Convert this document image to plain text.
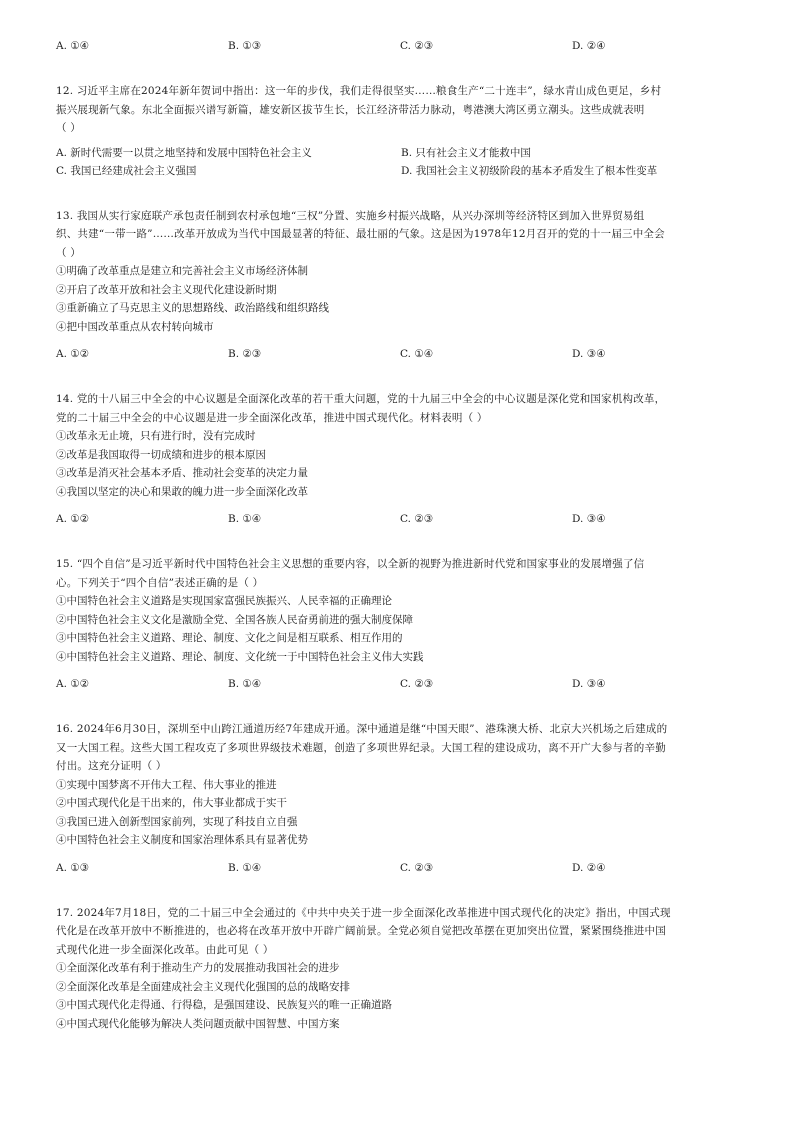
A. ①④	B. ①③	C. ②③	D. ②④
12. 习近平主席在2024年新年贺词中指出：这一年的步伐，我们走得很坚实……粮食生产“二十连丰”，绿水青山成色更足，乡村
振兴展现新气象。东北全面振兴谱写新篇，雄安新区拔节生长，长江经济带活力脉动，粤港澳大湾区勇立潮头。这些成就表明
（ ）
A. 新时代需要一以贯之地坚持和发展中国特色社会主义	B. 只有社会主义才能救中国
C. 我国已经建成社会主义强国	D. 我国社会主义初级阶段的基本矛盾发生了根本性变革
13. 我国从实行家庭联产承包责任制到农村承包地“三权”分置、实施乡村振兴战略，从兴办深圳等经济特区到加入世界贸易组
织、共建“一带一路”……改革开放成为当代中国最显著的特征、最壮丽的气象。这是因为1978年12月召开的党的十一届三中全会
（ ）
①明确了改革重点是建立和完善社会主义市场经济体制
②开启了改革开放和社会主义现代化建设新时期
③重新确立了马克思主义的思想路线、政治路线和组织路线
④把中国改革重点从农村转向城市
A. ①②	B. ②③	C. ①④	D. ③④
14. 党的十八届三中全会的中心议题是全面深化改革的若干重大问题，党的十九届三中全会的中心议题是深化党和国家机构改革，
党的二十届三中全会的中心议题是进一步全面深化改革，推进中国式现代化。材料表明（ ）
①改革永无止境，只有进行时，没有完成时
②改革是我国取得一切成绩和进步的根本原因
③改革是消灭社会基本矛盾、推动社会变革的决定力量
④我国以坚定的决心和果敢的魄力进一步全面深化改革
A. ①②	B. ①④	C. ②③	D. ③④
15. “四个自信”是习近平新时代中国特色社会主义思想的重要内容，以全新的视野为推进新时代党和国家事业的发展增强了信
心。下列关于“四个自信”表述正确的是（ ）
①中国特色社会主义道路是实现国家富强民族振兴、人民幸福的正确理论
②中国特色社会主义文化是激励全党、全国各族人民奋勇前进的强大制度保障
③中国特色社会主义道路、理论、制度、文化之间是相互联系、相互作用的
④中国特色社会主义道路、理论、制度、文化统一于中国特色社会主义伟大实践
A. ①②	B. ①④	C. ②③	D. ③④
16. 2024年6月30日，深圳至中山跨江通道历经7年建成开通。深中通道是继“中国天眼”、港珠澳大桥、北京大兴机场之后建成的
又一大国工程。这些大国工程攻克了多项世界级技术难题，创造了多项世界纪录。大国工程的建设成功，离不开广大参与者的辛勤
付出。这充分证明（ ）
①实现中国梦离不开伟大工程、伟大事业的推进
②中国式现代化是干出来的，伟大事业都成于实干
③我国已进入创新型国家前列，实现了科技自立自强
④中国特色社会主义制度和国家治理体系具有显著优势
A. ①③	B. ①④	C. ②③	D. ②④
17. 2024年7月18日，党的二十届三中全会通过的《中共中央关于进一步全面深化改革推进中国式现代化的决定》指出，中国式现
代化是在改革开放中不断推进的，也必将在改革开放中开辟广阔前景。全党必须自觉把改革摆在更加突出位置，紧紧围绕推进中国
式现代化进一步全面深化改革。由此可见（ ）
①全面深化改革有利于推动生产力的发展推动我国社会的进步
②全面深化改革是全面建成社会主义现代化强国的总的战略安排
③中国式现代化走得通、行得稳，是强国建设、民族复兴的唯一正确道路
④中国式现代化能够为解决人类问题贡献中国智慧、中国方案
